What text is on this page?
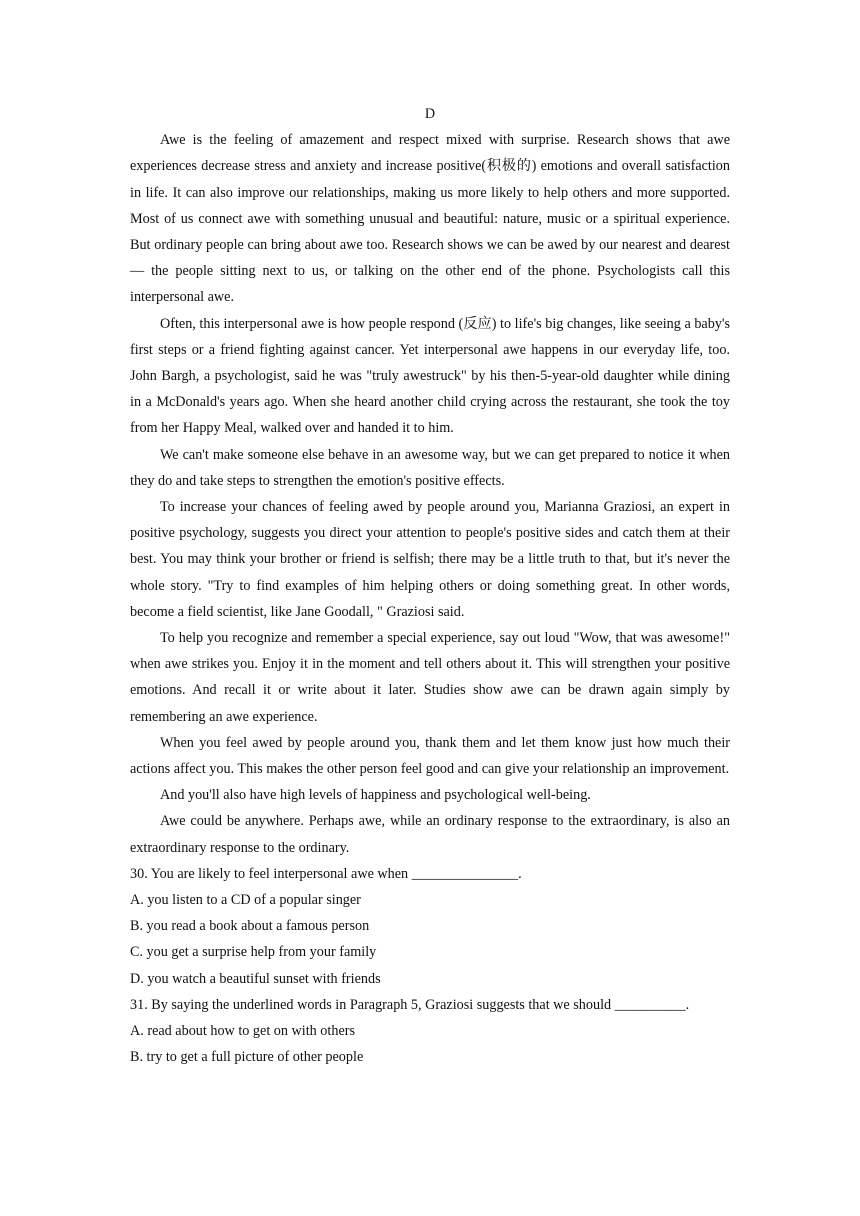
D

Awe is the feeling of amazement and respect mixed with surprise. Research shows that awe experiences decrease stress and anxiety and increase positive(积极的) emotions and overall satisfaction in life. It can also improve our relationships, making us more likely to help others and more supported. Most of us connect awe with something unusual and beautiful: nature, music or a spiritual experience. But ordinary people can bring about awe too. Research shows we can be awed by our nearest and dearest — the people sitting next to us, or talking on the other end of the phone. Psychologists call this interpersonal awe.

Often, this interpersonal awe is how people respond (反应) to life's big changes, like seeing a baby's first steps or a friend fighting against cancer. Yet interpersonal awe happens in our everyday life, too. John Bargh, a psychologist, said he was "truly awestruck" by his then-5-year-old daughter while dining in a McDonald's years ago. When she heard another child crying across the restaurant, she took the toy from her Happy Meal, walked over and handed it to him.

We can't make someone else behave in an awesome way, but we can get prepared to notice it when they do and take steps to strengthen the emotion's positive effects.

To increase your chances of feeling awed by people around you, Marianna Graziosi, an expert in positive psychology, suggests you direct your attention to people's positive sides and catch them at their best. You may think your brother or friend is selfish; there may be a little truth to that, but it's never the whole story. "Try to find examples of him helping others or doing something great. In other words, become a field scientist, like Jane Goodall, " Graziosi said.

To help you recognize and remember a special experience, say out loud "Wow, that was awesome!" when awe strikes you. Enjoy it in the moment and tell others about it. This will strengthen your positive emotions. And recall it or write about it later. Studies show awe can be drawn again simply by remembering an awe experience.

When you feel awed by people around you, thank them and let them know just how much their actions affect you. This makes the other person feel good and can give your relationship an improvement.

And you'll also have high levels of happiness and psychological well-being.

Awe could be anywhere. Perhaps awe, while an ordinary response to the extraordinary, is also an extraordinary response to the ordinary.

30. You are likely to feel interpersonal awe when _______________.

A. you listen to a CD of a popular singer

B. you read a book about a famous person

C. you get a surprise help from your family

D. you watch a beautiful sunset with friends

31. By saying the underlined words in Paragraph 5, Graziosi suggests that we should __________.

A. read about how to get on with others

B. try to get a full picture of other people
